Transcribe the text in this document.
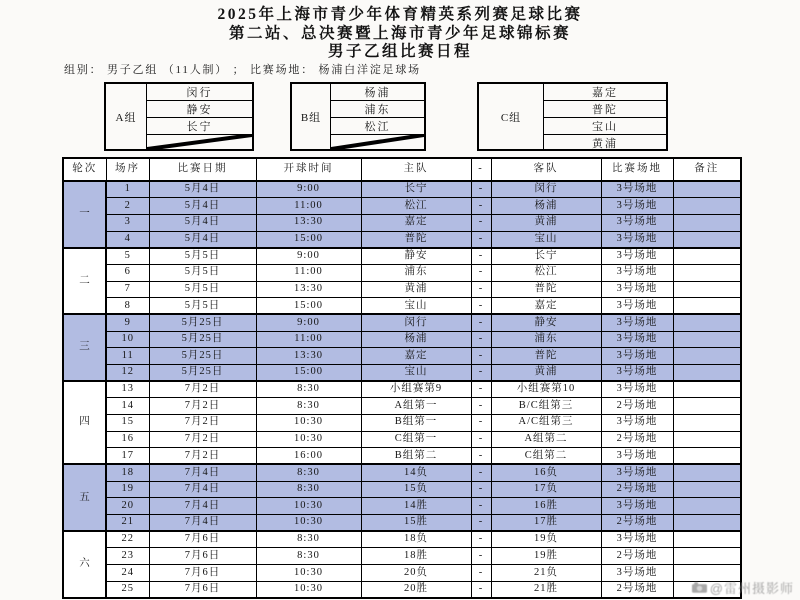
2025年上海市青少年体育精英系列赛足球比赛
第二站、总决赛暨上海市青少年足球锦标赛
男子乙组比赛日程
组别： 男子乙组 （11人制） ； 比赛场地： 杨浦白洋淀足球场
A组
闵行
静安
长宁
B组
杨浦
浦东
松江
C组
嘉定
普陀
宝山
黄浦
轮次	场序	比赛日期	开球时间	主队	-	客队	比赛场地	备注
一	1	5月4日	9:00	长宁	-	闵行	3号场地	
	2	5月4日	11:00	松江	-	杨浦	3号场地	
	3	5月4日	13:30	嘉定	-	黄浦	3号场地	
	4	5月4日	15:00	普陀	-	宝山	3号场地	
二	5	5月5日	9:00	静安	-	长宁	3号场地	
	6	5月5日	11:00	浦东	-	松江	3号场地	
	7	5月5日	13:30	黄浦	-	普陀	3号场地	
	8	5月5日	15:00	宝山	-	嘉定	3号场地	
三	9	5月25日	9:00	闵行	-	静安	3号场地	
	10	5月25日	11:00	杨浦	-	浦东	3号场地	
	11	5月25日	13:30	嘉定	-	普陀	3号场地	
	12	5月25日	15:00	宝山	-	黄浦	3号场地	
四	13	7月2日	8:30	小组赛第9	-	小组赛第10	3号场地	
	14	7月2日	8:30	A组第一	-	B/C组第三	2号场地	
	15	7月2日	10:30	B组第一	-	A/C组第三	3号场地	
	16	7月2日	10:30	C组第一	-	A组第二	2号场地	
	17	7月2日	16:00	B组第二	-	C组第二	3号场地	
五	18	7月4日	8:30	14负	-	16负	3号场地	
	19	7月4日	8:30	15负	-	17负	2号场地	
	20	7月4日	10:30	14胜	-	16胜	3号场地	
	21	7月4日	10:30	15胜	-	17胜	2号场地	
六	22	7月6日	8:30	18负	-	19负	3号场地	
	23	7月6日	8:30	18胜	-	19胜	2号场地	
	24	7月6日	10:30	20负	-	21负	3号场地	
	25	7月6日	10:30	20胜	-	21胜	2号场地		@雷州摄影师
